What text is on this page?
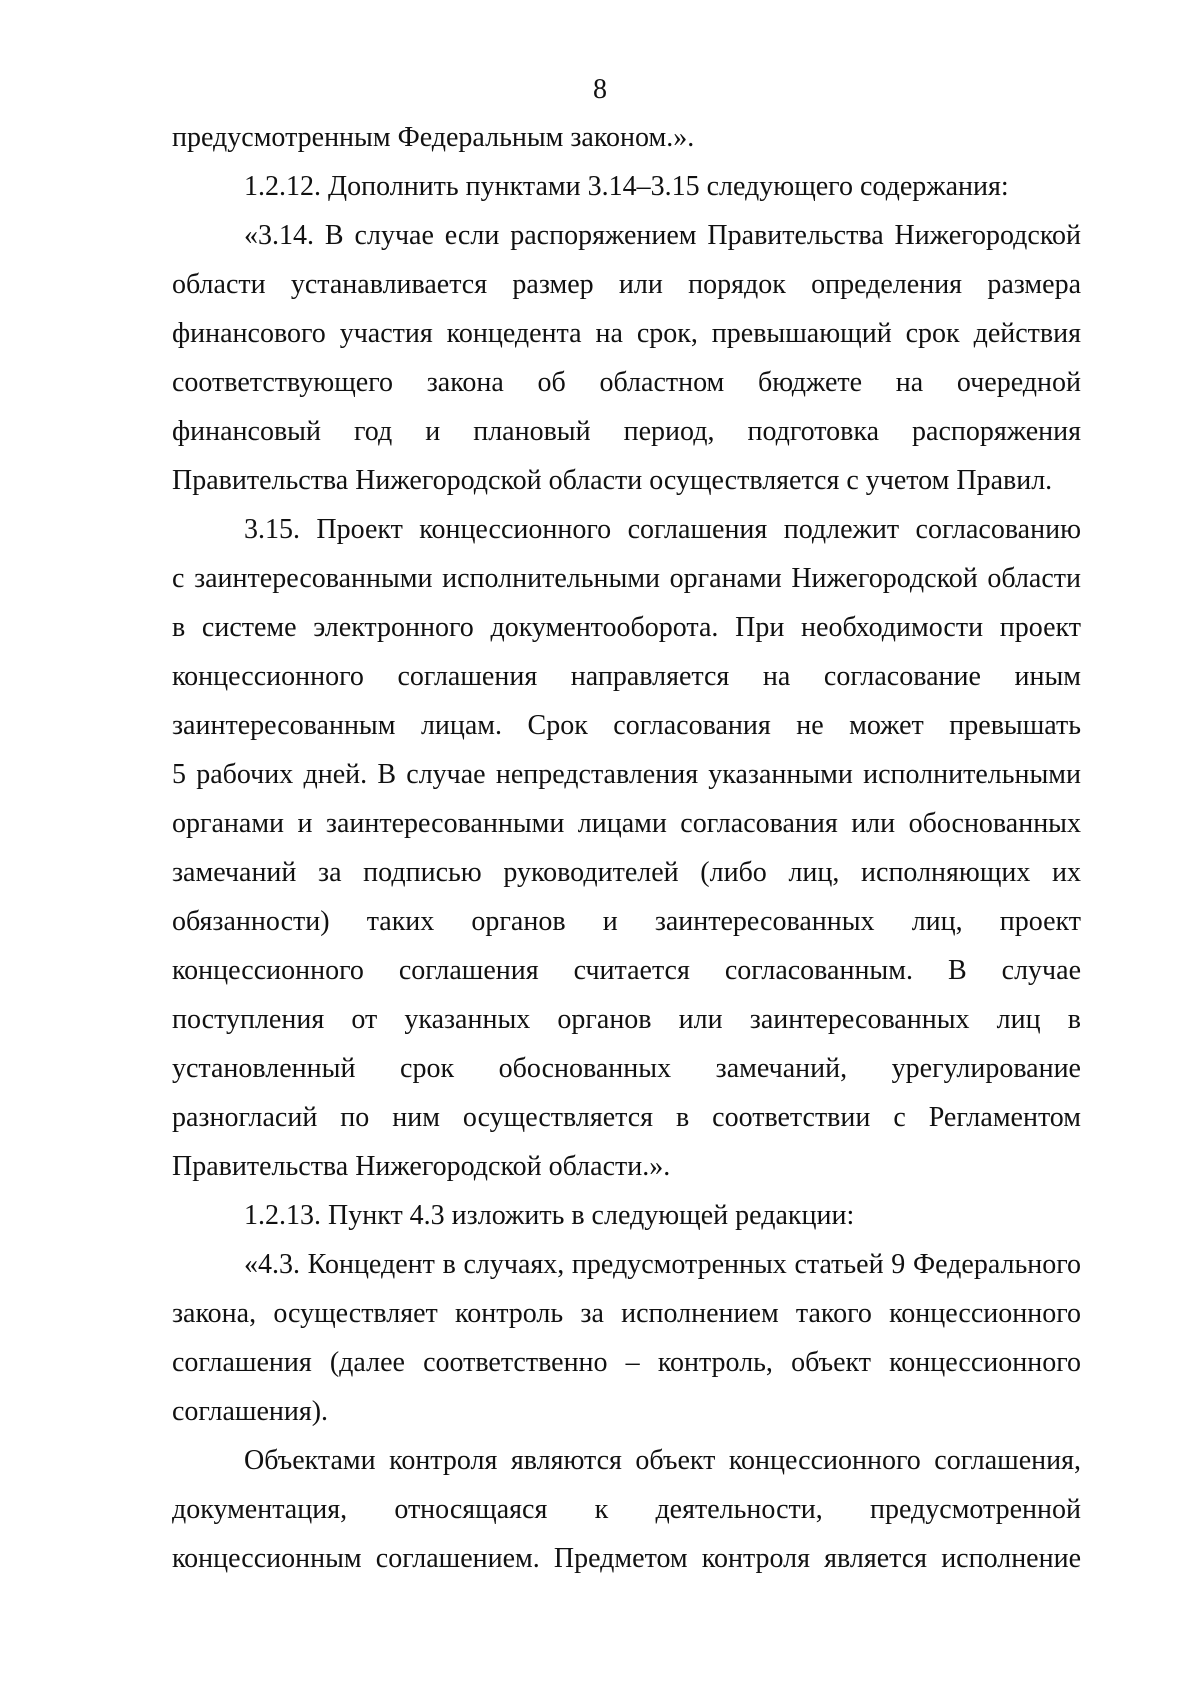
8
предусмотренным Федеральным законом.».
1.2.12. Дополнить пунктами 3.14–3.15 следующего содержания:
«3.14. В случае если распоряжением Правительства Нижегородской
области устанавливается размер или порядок определения размера
финансового участия концедента на срок, превышающий срок действия
соответствующего закона об областном бюджете на очередной
финансовый год и плановый период, подготовка распоряжения
Правительства Нижегородской области осуществляется с учетом Правил.
3.15. Проект концессионного соглашения подлежит согласованию
с заинтересованными исполнительными органами Нижегородской области
в системе электронного документооборота. При необходимости проект
концессионного соглашения направляется на согласование иным
заинтересованным лицам. Срок согласования не может превышать
5 рабочих дней. В случае непредставления указанными исполнительными
органами и заинтересованными лицами согласования или обоснованных
замечаний за подписью руководителей (либо лиц, исполняющих их
обязанности) таких органов и заинтересованных лиц, проект
концессионного соглашения считается согласованным. В случае
поступления от указанных органов или заинтересованных лиц в
установленный срок обоснованных замечаний, урегулирование
разногласий по ним осуществляется в соответствии с Регламентом
Правительства Нижегородской области.».
1.2.13. Пункт 4.3 изложить в следующей редакции:
«4.3. Концедент в случаях, предусмотренных статьей 9 Федерального
закона, осуществляет контроль за исполнением такого концессионного
соглашения (далее соответственно – контроль, объект концессионного
соглашения).
Объектами контроля являются объект концессионного соглашения,
документация, относящаяся к деятельности, предусмотренной
концессионным соглашением. Предметом контроля является исполнение
